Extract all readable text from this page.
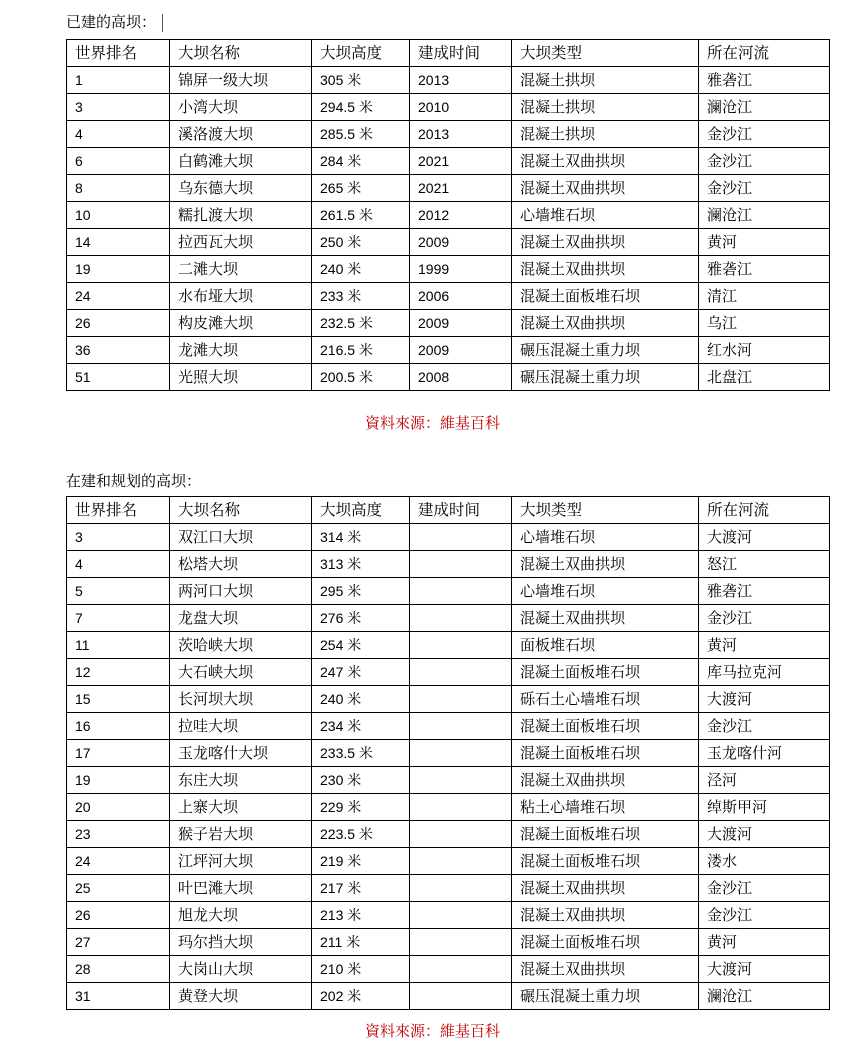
已建的高坝：
世界排名	大坝名称	大坝高度	建成时间	大坝类型	所在河流
1	锦屏一级大坝	305 米	2013	混凝土拱坝	雅砻江
3	小湾大坝	294.5 米	2010	混凝土拱坝	澜沧江
4	溪洛渡大坝	285.5 米	2013	混凝土拱坝	金沙江
6	白鹤滩大坝	284 米	2021	混凝土双曲拱坝	金沙江
8	乌东德大坝	265 米	2021	混凝土双曲拱坝	金沙江
10	糯扎渡大坝	261.5 米	2012	心墙堆石坝	澜沧江
14	拉西瓦大坝	250 米	2009	混凝土双曲拱坝	黄河
19	二滩大坝	240 米	1999	混凝土双曲拱坝	雅砻江
24	水布垭大坝	233 米	2006	混凝土面板堆石坝	清江
26	构皮滩大坝	232.5 米	2009	混凝土双曲拱坝	乌江
36	龙滩大坝	216.5 米	2009	碾压混凝土重力坝	红水河
51	光照大坝	200.5 米	2008	碾压混凝土重力坝	北盘江
資料來源：維基百科
在建和规划的高坝：
世界排名	大坝名称	大坝高度	建成时间	大坝类型	所在河流
3	双江口大坝	314 米		心墙堆石坝	大渡河
4	松塔大坝	313 米		混凝土双曲拱坝	怒江
5	两河口大坝	295 米		心墙堆石坝	雅砻江
7	龙盘大坝	276 米		混凝土双曲拱坝	金沙江
11	茨哈峡大坝	254 米		面板堆石坝	黄河
12	大石峡大坝	247 米		混凝土面板堆石坝	库马拉克河
15	长河坝大坝	240 米		砾石土心墙堆石坝	大渡河
16	拉哇大坝	234 米		混凝土面板堆石坝	金沙江
17	玉龙喀什大坝	233.5 米		混凝土面板堆石坝	玉龙喀什河
19	东庄大坝	230 米		混凝土双曲拱坝	泾河
20	上寨大坝	229 米		粘土心墙堆石坝	绰斯甲河
23	猴子岩大坝	223.5 米		混凝土面板堆石坝	大渡河
24	江坪河大坝	219 米		混凝土面板堆石坝	溇水
25	叶巴滩大坝	217 米		混凝土双曲拱坝	金沙江
26	旭龙大坝	213 米		混凝土双曲拱坝	金沙江
27	玛尔挡大坝	211 米		混凝土面板堆石坝	黄河
28	大岗山大坝	210 米		混凝土双曲拱坝	大渡河
31	黄登大坝	202 米		碾压混凝土重力坝	澜沧江
資料來源：維基百科
